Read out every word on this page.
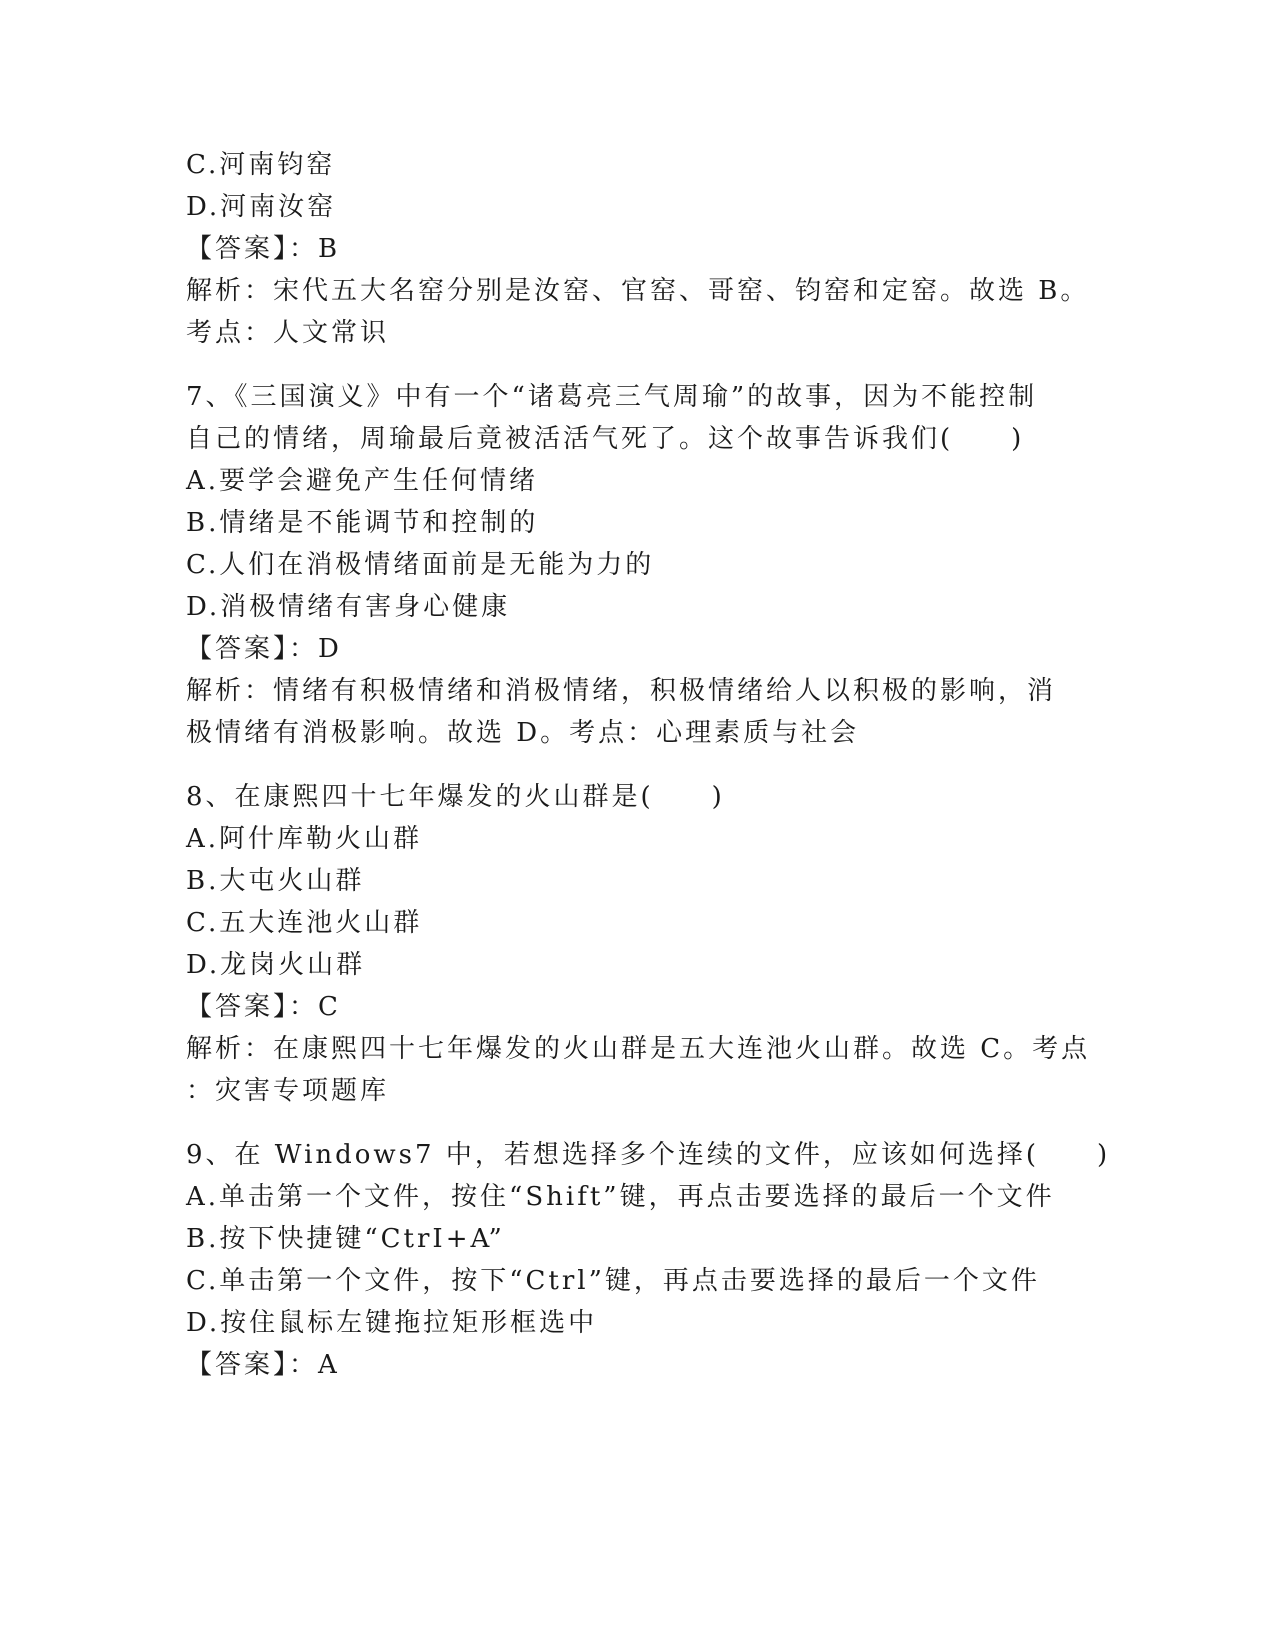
C.河南钧窑
D.河南汝窑
【答案】：B
解析：宋代五大名窑分别是汝窑、官窑、哥窑、钧窑和定窑。故选 B。
考点：人文常识
7、《三国演义》中有一个“诸葛亮三气周瑜”的故事，因为不能控制
自己的情绪，周瑜最后竟被活活气死了。这个故事告诉我们(　　)
A.要学会避免产生任何情绪
B.情绪是不能调节和控制的
C.人们在消极情绪面前是无能为力的
D.消极情绪有害身心健康
【答案】：D
解析：情绪有积极情绪和消极情绪，积极情绪给人以积极的影响，消
极情绪有消极影响。故选 D。考点：心理素质与社会
8、在康熙四十七年爆发的火山群是(　　)
A.阿什库勒火山群
B.大屯火山群
C.五大连池火山群
D.龙岗火山群
【答案】：C
解析：在康熙四十七年爆发的火山群是五大连池火山群。故选 C。考点
：灾害专项题库
9、在 Windows7 中，若想选择多个连续的文件，应该如何选择(　　)
A.单击第一个文件，按住“Shift”键，再点击要选择的最后一个文件
B.按下快捷键“CtrI+A”
C.单击第一个文件，按下“Ctrl”键，再点击要选择的最后一个文件
D.按住鼠标左键拖拉矩形框选中
【答案】：A
